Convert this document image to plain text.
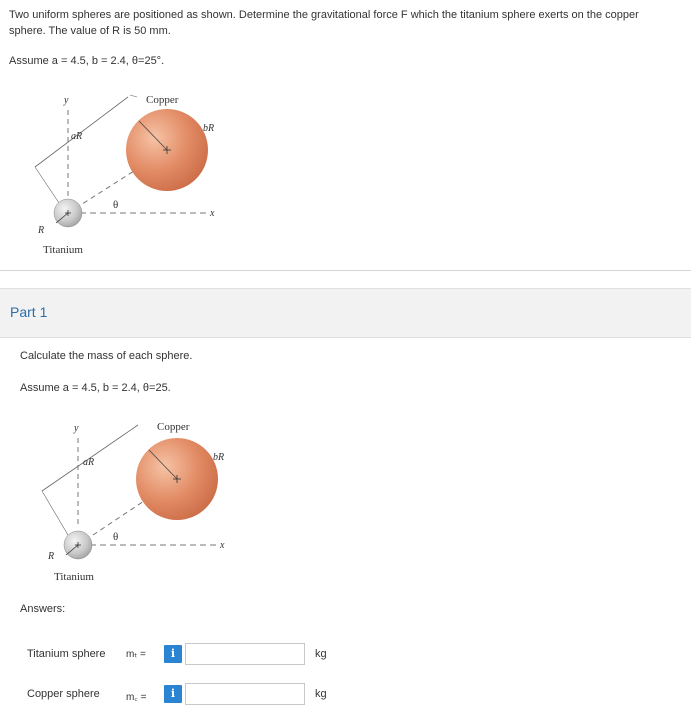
Two uniform spheres are positioned as shown. Determine the gravitational force F which the titanium sphere exerts on the copper

sphere. The value of R is 50 mm.

Assume a = 4.5, b = 2.4, θ=25°.
y
x
aR
Copper
bR
R
θ
Titanium
Part 1
Calculate the mass of each sphere.
Assume a = 4.5, b = 2.4, θ=25.
y
x
aR
Copper
bR
R
θ
Titanium
Answers:
Titanium sphere mₜ =	i	kg
Copper sphere	m꜀ =	i	kg
